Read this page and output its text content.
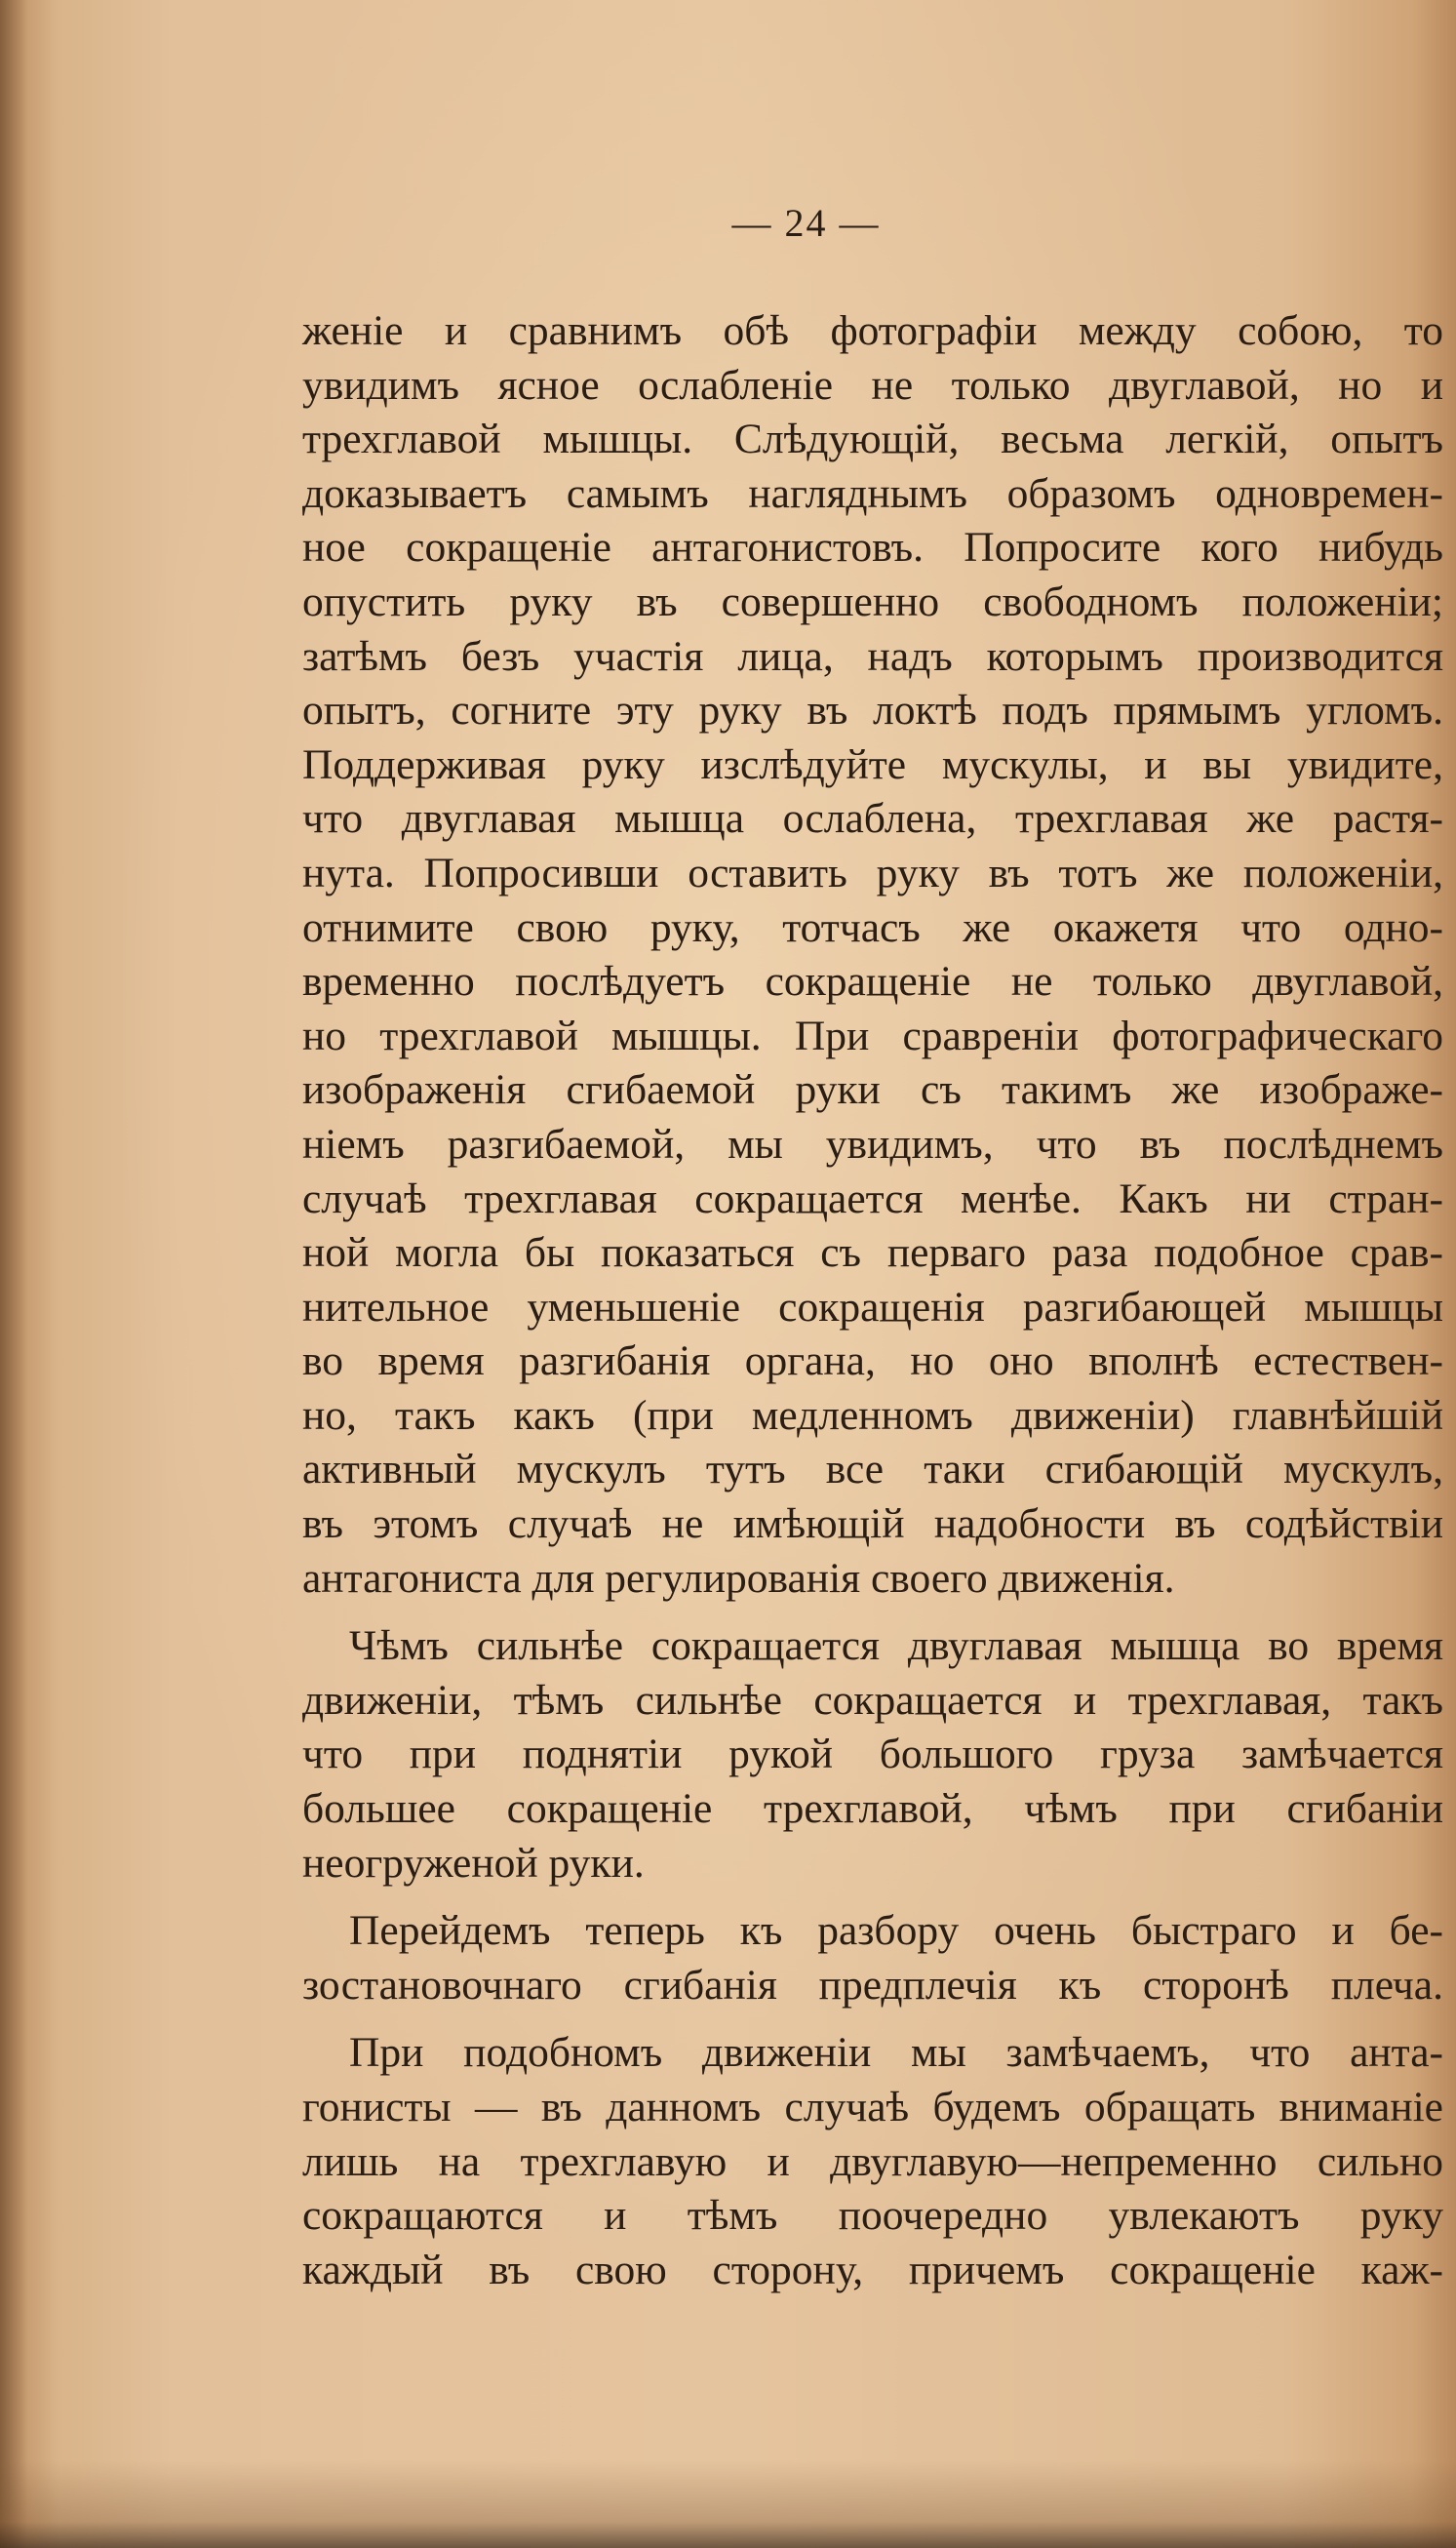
— 24 —
женіе и сравнимъ обѣ фотографіи между собою, то
увидимъ ясное ослабленіе не только двуглавой, но и
трехглавой мышцы. Слѣдующій, весьма легкій, опытъ
доказываетъ самымъ нагляднымъ образомъ одновремен-
ное сокращеніе антагонистовъ. Попросите кого нибудь
опустить руку въ совершенно свободномъ положеніи;
затѣмъ безъ участія лица, надъ которымъ производится
опытъ, согните эту руку въ локтѣ подъ прямымъ угломъ.
Поддерживая руку изслѣдуйте мускулы, и вы увидите,
что двуглавая мышца ослаблена, трехглавая же растя-
нута. Попросивши оставить руку въ тотъ же положеніи,
отнимите свою руку, тотчасъ же окажетя что одно-
временно послѣдуетъ сокращеніе не только двуглавой,
но трехглавой мышцы. При сравреніи фотографическаго
изображенія сгибаемой руки съ такимъ же изображе-
ніемъ разгибаемой, мы увидимъ, что въ послѣднемъ
случаѣ трехглавая сокращается менѣе. Какъ ни стран-
ной могла бы показаться съ перваго раза подобное срав-
нительное уменьшеніе сокращенія разгибающей мышцы
во время разгибанія органа, но оно вполнѣ естествен-
но, такъ какъ (при медленномъ движеніи) главнѣйшій
активный мускулъ тутъ все таки сгибающій мускулъ,
въ этомъ случаѣ не имѣющій надобности въ содѣйствіи
антагониста для регулированія своего движенія.
Чѣмъ сильнѣе сокращается двуглавая мышца во время
движеніи, тѣмъ сильнѣе сокращается и трехглавая, такъ
что при поднятіи рукой большого груза замѣчается
большее сокращеніе трехглавой, чѣмъ при сгибаніи
неогруженой руки.
Перейдемъ теперь къ разбору очень быстраго и бе-
зостановочнаго сгибанія предплечія къ сторонѣ плеча.
При подобномъ движеніи мы замѣчаемъ, что анта-
гонисты — въ данномъ случаѣ будемъ обращать вниманіе
лишь на трехглавую и двуглавую—непременно сильно
сокращаются и тѣмъ поочередно увлекаютъ руку
каждый въ свою сторону, причемъ сокращеніе каж-
